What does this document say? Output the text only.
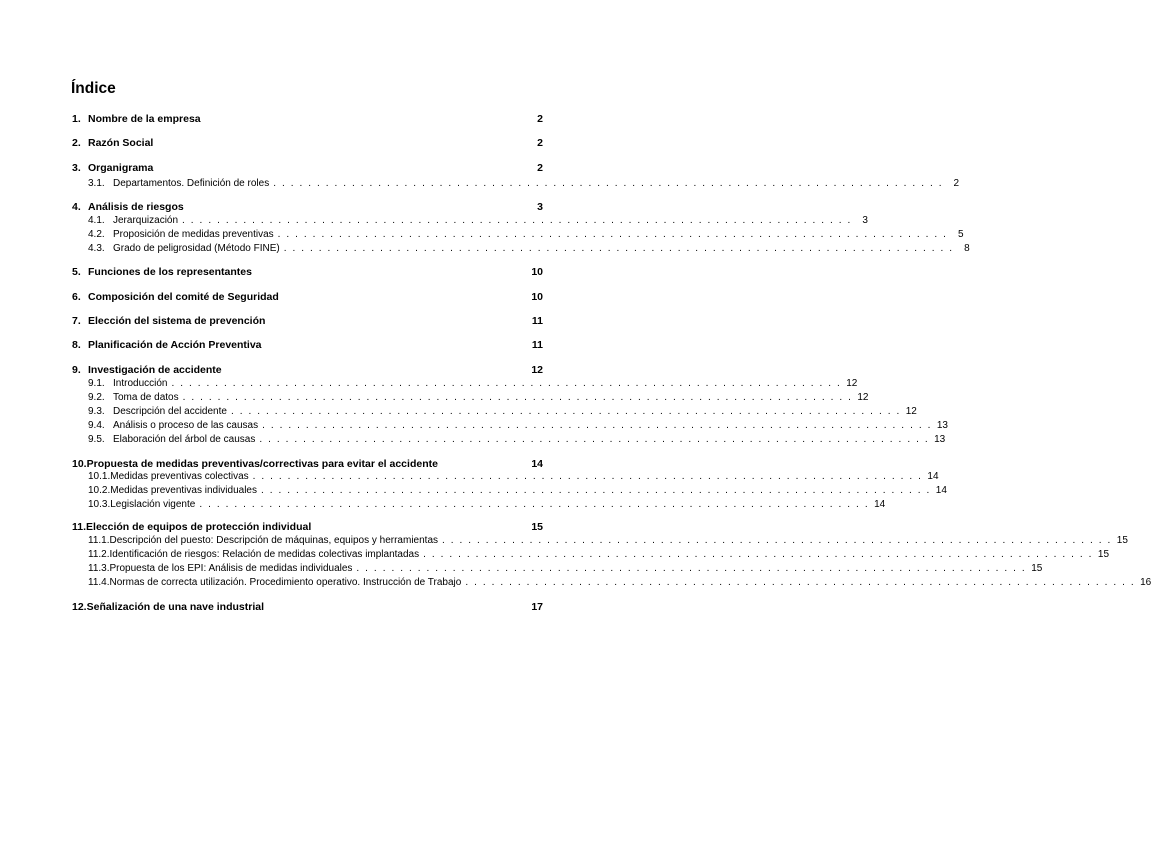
Índice
1. Nombre de la empresa	2
2. Razón Social	2
3. Organigrama	2
3.1. Departamentos. Definición de roles . . .	2
4. Análisis de riesgos	3
4.1. Jerarquización . . .	3
4.2. Proposición de medidas preventivas . . .	5
4.3. Grado de peligrosidad (Método FINE) . . .	8
5. Funciones de los representantes	10
6. Composición del comité de Seguridad	10
7. Elección del sistema de prevención	11
8. Planificación de Acción Preventiva	11
9. Investigación de accidente	12
9.1. Introducción . . .	12
9.2. Toma de datos . . .	12
9.3. Descripción del accidente . . .	12
9.4. Análisis o proceso de las causas . . .	13
9.5. Elaboración del árbol de causas . . .	13
10. Propuesta de medidas preventivas/correctivas para evitar el accidente	14
10.1. Medidas preventivas colectivas . . .	14
10.2. Medidas preventivas individuales . . .	14
10.3. Legislación vigente . . .	14
11. Elección de equipos de protección individual	15
11.1. Descripción del puesto: Descripción de máquinas, equipos y herramientas . . .	15
11.2. Identificación de riesgos: Relación de medidas colectivas implantadas . . .	15
11.3. Propuesta de los EPI: Análisis de medidas individuales . . .	15
11.4. Normas de correcta utilización. Procedimiento operativo. Instrucción de Trabajo . . .	16
12. Señalización de una nave industrial	17
